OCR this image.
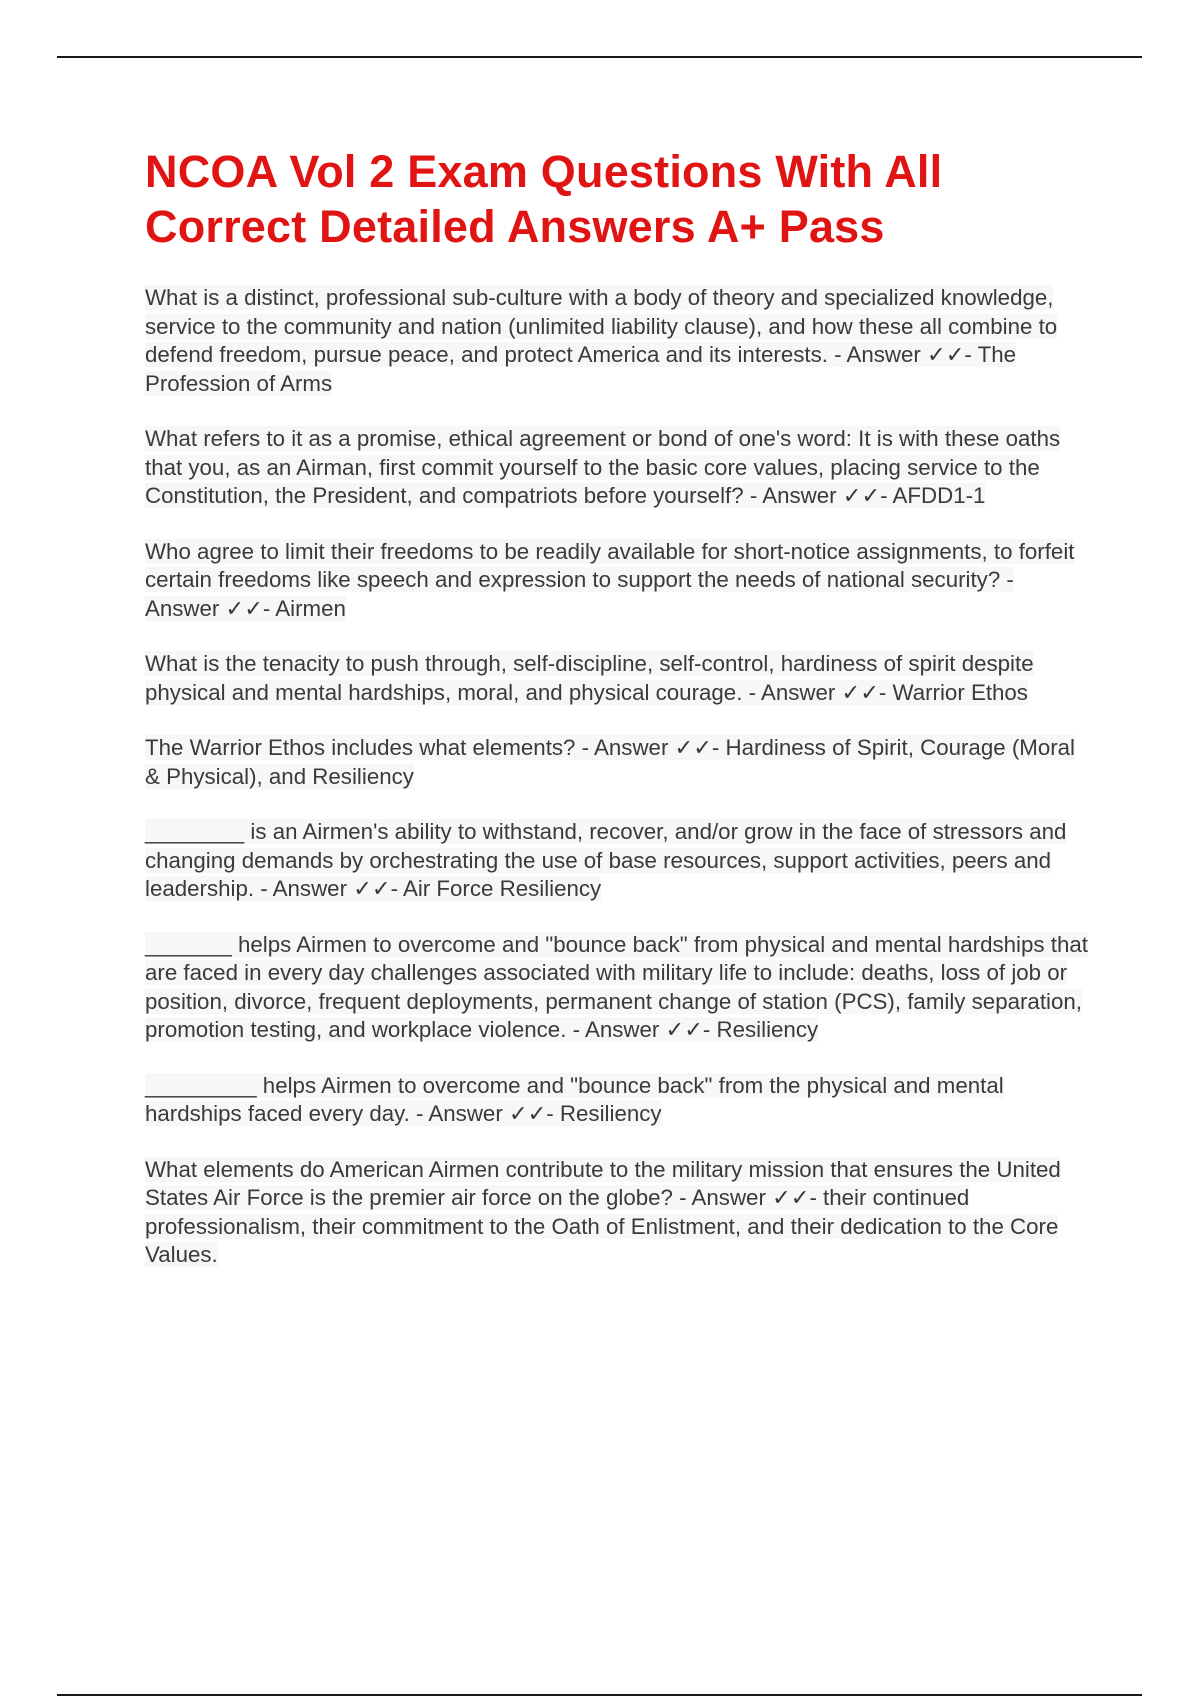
NCOA Vol 2 Exam Questions With All Correct Detailed Answers A+ Pass
What is a distinct, professional sub-culture with a body of theory and specialized knowledge, service to the community and nation (unlimited liability clause), and how these all combine to defend freedom, pursue peace, and protect America and its interests. - Answer ✓✓- The Profession of Arms
What refers to it as a promise, ethical agreement or bond of one's word: It is with these oaths that you, as an Airman, first commit yourself to the basic core values, placing service to the Constitution, the President, and compatriots before yourself? - Answer ✓✓- AFDD1-1
Who agree to limit their freedoms to be readily available for short-notice assignments, to forfeit certain freedoms like speech and expression to support the needs of national security? - Answer ✓✓- Airmen
What is the tenacity to push through, self-discipline, self-control, hardiness of spirit despite physical and mental hardships, moral, and physical courage. - Answer ✓✓- Warrior Ethos
The Warrior Ethos includes what elements? - Answer ✓✓- Hardiness of Spirit, Courage (Moral & Physical), and Resiliency
________ is an Airmen's ability to withstand, recover, and/or grow in the face of stressors and changing demands by orchestrating the use of base resources, support activities, peers and leadership. - Answer ✓✓- Air Force Resiliency
_______ helps Airmen to overcome and "bounce back" from physical and mental hardships that are faced in every day challenges associated with military life to include: deaths, loss of job or position, divorce, frequent deployments, permanent change of station (PCS), family separation, promotion testing, and workplace violence. - Answer ✓✓- Resiliency
_________ helps Airmen to overcome and "bounce back" from the physical and mental hardships faced every day. - Answer ✓✓- Resiliency
What elements do American Airmen contribute to the military mission that ensures the United States Air Force is the premier air force on the globe? - Answer ✓✓- their continued professionalism, their commitment to the Oath of Enlistment, and their dedication to the Core Values.
